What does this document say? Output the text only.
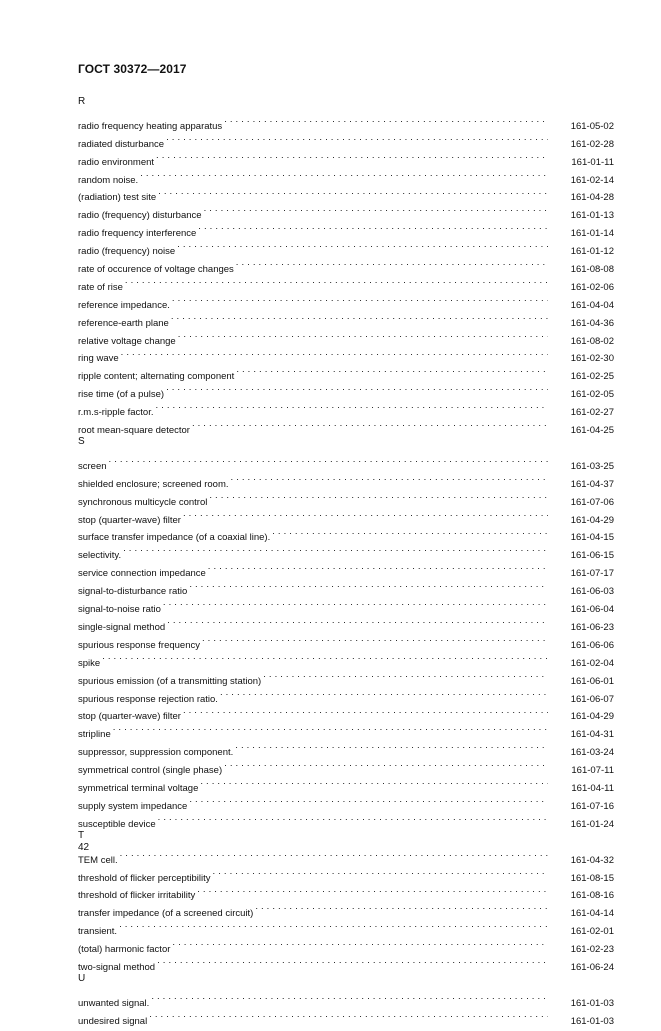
ГОСТ 30372—2017
R
radio frequency heating apparatus . . .	161-05-02
radiated disturbance . . .	161-02-28
radio environment . . .	161-01-11
random noise. . . .	161-02-14
(radiation) test site . . .	161-04-28
radio (frequency) disturbance . . .	161-01-13
radio frequency interference . . .	161-01-14
radio (frequency) noise . . .	161-01-12
rate of occurence of voltage changes . . .	161-08-08
rate of rise . . .	161-02-06
reference impedance. . . .	161-04-04
reference-earth plane . . .	161-04-36
relative voltage change . . .	161-08-02
ring wave . . .	161-02-30
ripple content; alternating component . . .	161-02-25
rise time (of a pulse) . . .	161-02-05
r.m.s-ripple factor. . . .	161-02-27
root mean-square detector . . .	161-04-25
S
screen . . .	161-03-25
shielded enclosure; screened room. . . .	161-04-37
synchronous multicycle control . . .	161-07-06
stop (quarter-wave) filter . . .	161-04-29
surface transfer impedance (of a coaxial line). . . .	161-04-15
selectivity. . . .	161-06-15
service connection impedance . . .	161-07-17
signal-to-disturbance ratio . . .	161-06-03
signal-to-noise ratio . . .	161-06-04
single-signal method . . .	161-06-23
spurious response frequency . . .	161-06-06
spike . . .	161-02-04
spurious emission (of a transmitting station) . . .	161-06-01
spurious response rejection ratio. . . .	161-06-07
stop (quarter-wave) filter . . .	161-04-29
stripline . . .	161-04-31
suppressor, suppression component. . . .	161-03-24
symmetrical control (single phase) . . .	161-07-11
symmetrical terminal voltage . . .	161-04-11
supply system impedance . . .	161-07-16
susceptible device . . .	161-01-24
T
TEM cell. . . .	161-04-32
threshold of flicker perceptibility . . .	161-08-15
threshold of flicker irritability . . .	161-08-16
transfer impedance (of a screened circuit) . . .	161-04-14
transient. . . .	161-02-01
(total) harmonic factor . . .	161-02-23
two-signal method . . .	161-06-24
U
unwanted signal. . . .	161-01-03
undesired signal . . .	161-01-03
42
